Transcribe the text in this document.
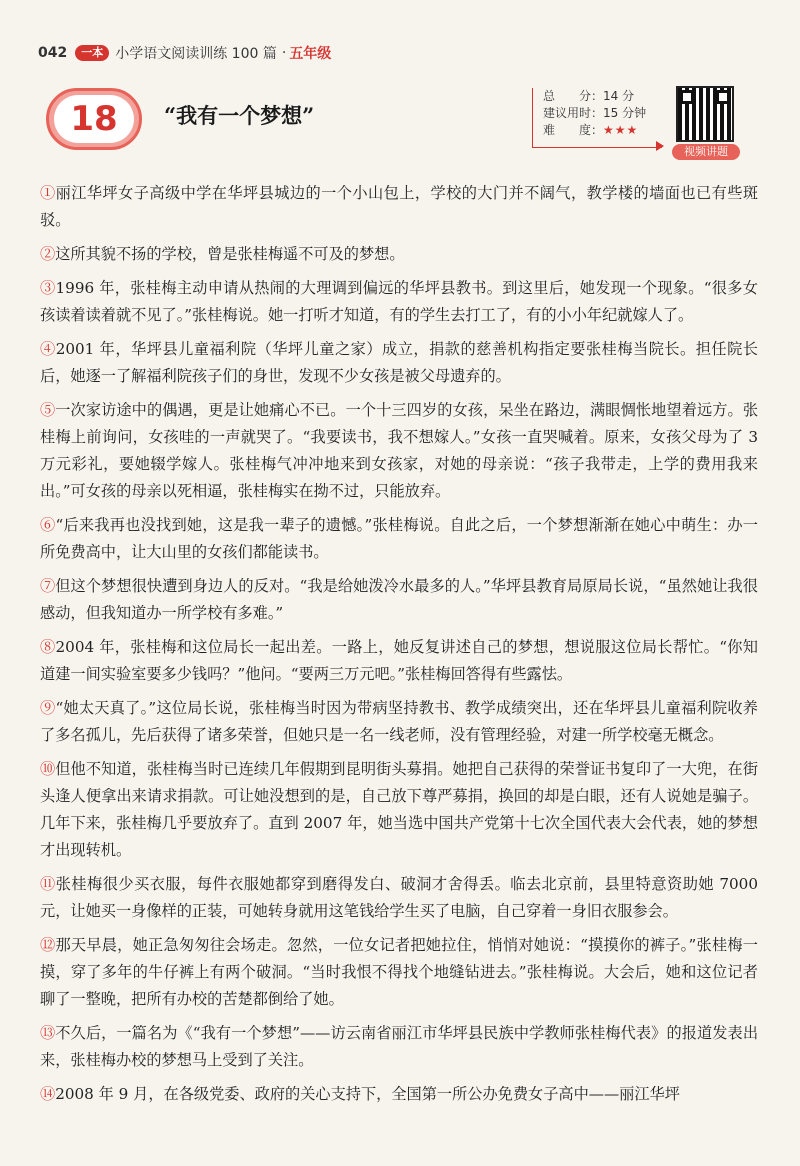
042	一本 小学语文阅读训练 100 篇 · 五年级
18	“我有一个梦想”
总　　分：14 分
建议用时：15 分钟
难　　度：★★★
视频讲题

①丽江华坪女子高级中学在华坪县城边的一个小山包上，学校的大门并不阔气，教学楼的墙面也已有些斑驳。

②这所其貌不扬的学校，曾是张桂梅遥不可及的梦想。

③1996 年，张桂梅主动申请从热闹的大理调到偏远的华坪县教书。到这里后，她发现一个现象。“很多女孩读着读着就不见了。”张桂梅说。她一打听才知道，有的学生去打工了，有的小小年纪就嫁人了。

④2001 年，华坪县儿童福利院（华坪儿童之家）成立，捐款的慈善机构指定要张桂梅当院长。担任院长后，她逐一了解福利院孩子们的身世，发现不少女孩是被父母遗弃的。

⑤一次家访途中的偶遇，更是让她痛心不已。一个十三四岁的女孩，呆坐在路边，满眼惆怅地望着远方。张桂梅上前询问，女孩哇的一声就哭了。“我要读书，我不想嫁人。”女孩一直哭喊着。原来，女孩父母为了 3 万元彩礼，要她辍学嫁人。张桂梅气冲冲地来到女孩家，对她的母亲说：“孩子我带走，上学的费用我来出。”可女孩的母亲以死相逼，张桂梅实在拗不过，只能放弃。

⑥“后来我再也没找到她，这是我一辈子的遗憾。”张桂梅说。自此之后，一个梦想渐渐在她心中萌生：办一所免费高中，让大山里的女孩们都能读书。

⑦但这个梦想很快遭到身边人的反对。“我是给她泼冷水最多的人。”华坪县教育局原局长说，“虽然她让我很感动，但我知道办一所学校有多难。”

⑧2004 年，张桂梅和这位局长一起出差。一路上，她反复讲述自己的梦想，想说服这位局长帮忙。“你知道建一间实验室要多少钱吗？”他问。“要两三万元吧。”张桂梅回答得有些露怯。

⑨“她太天真了。”这位局长说，张桂梅当时因为带病坚持教书、教学成绩突出，还在华坪县儿童福利院收养了多名孤儿，先后获得了诸多荣誉，但她只是一名一线老师，没有管理经验，对建一所学校毫无概念。

⑩但他不知道，张桂梅当时已连续几年假期到昆明街头募捐。她把自己获得的荣誉证书复印了一大兜，在街头逢人便拿出来请求捐款。可让她没想到的是，自己放下尊严募捐，换回的却是白眼，还有人说她是骗子。几年下来，张桂梅几乎要放弃了。直到 2007 年，她当选中国共产党第十七次全国代表大会代表，她的梦想才出现转机。

⑪张桂梅很少买衣服，每件衣服她都穿到磨得发白、破洞才舍得丢。临去北京前，县里特意资助她 7000 元，让她买一身像样的正装，可她转身就用这笔钱给学生买了电脑，自己穿着一身旧衣服参会。

⑫那天早晨，她正急匆匆往会场走。忽然，一位女记者把她拉住，悄悄对她说：“摸摸你的裤子。”张桂梅一摸，穿了多年的牛仔裤上有两个破洞。“当时我恨不得找个地缝钻进去。”张桂梅说。大会后，她和这位记者聊了一整晚，把所有办校的苦楚都倒给了她。

⑬不久后，一篇名为《“我有一个梦想”——访云南省丽江市华坪县民族中学教师张桂梅代表》的报道发表出来，张桂梅办校的梦想马上受到了关注。

⑭2008 年 9 月，在各级党委、政府的关心支持下，全国第一所公办免费女子高中——丽江华坪
